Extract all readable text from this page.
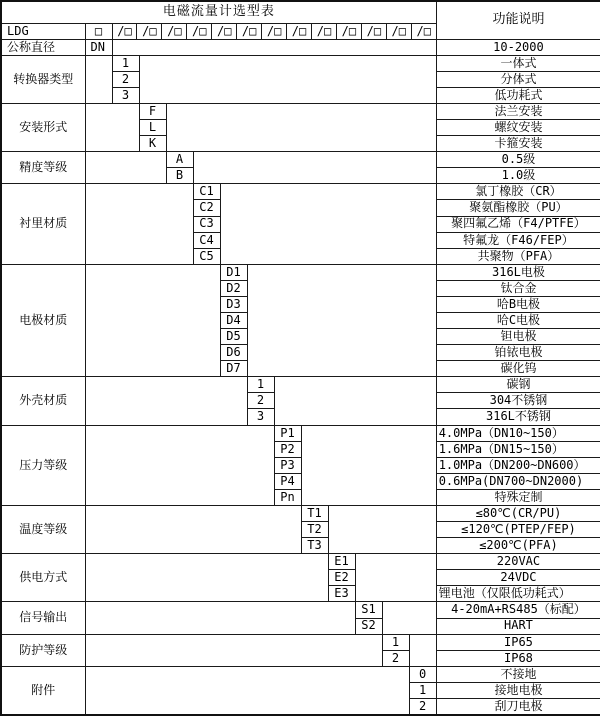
电磁流量计选型表														功能说明
LDG	□	/□ /□ /□ /□ /□ /□ /□ /□ /□ /□ /□ /□ /□

公称直径	DN													10-2000
转换器类型		1												一体式
		2												分体式
		3												低功耗式
安装形式			F											法兰安装
			L											螺纹安装
			K											卡箍安装
精度等级				A										0.5级
				B										1.0级
衬里材质					C1									氯丁橡胶（CR）
					C2									聚氨酯橡胶（PU）
					C3									聚四氟乙烯（F4/PTFE）
					C4									特氟龙（F46/FEP）
					C5									共聚物（PFA）
电极材质						D1								316L电极
						D2								钛合金
						D3								哈B电极
						D4								哈C电极
						D5								钽电极
						D6								铂铱电极
						D7								碳化钨
外壳材质							1							碳钢
							2							304不锈钢
							3							316L不锈钢
压力等级								P1						4.0MPa（DN10~150）
								P2						1.6MPa（DN15~150）
								P3						1.0MPa（DN200~DN600）
								P4						0.6MPa(DN700~DN2000)
								Pn						特殊定制
温度等级									T1					≤80℃(CR/PU)
									T2					≤120℃(PTEP/FEP)
									T3					≤200℃(PFA)
供电方式										E1				220VAC
										E2				24VDC
										E3				锂电池（仅限低功耗式）
信号输出											S1			4-20mA+RS485（标配）
											S2			HART
防护等级												1		IP65
												2		IP68
附件													0	不接地
													1	接地电极
													2	刮刀电极
